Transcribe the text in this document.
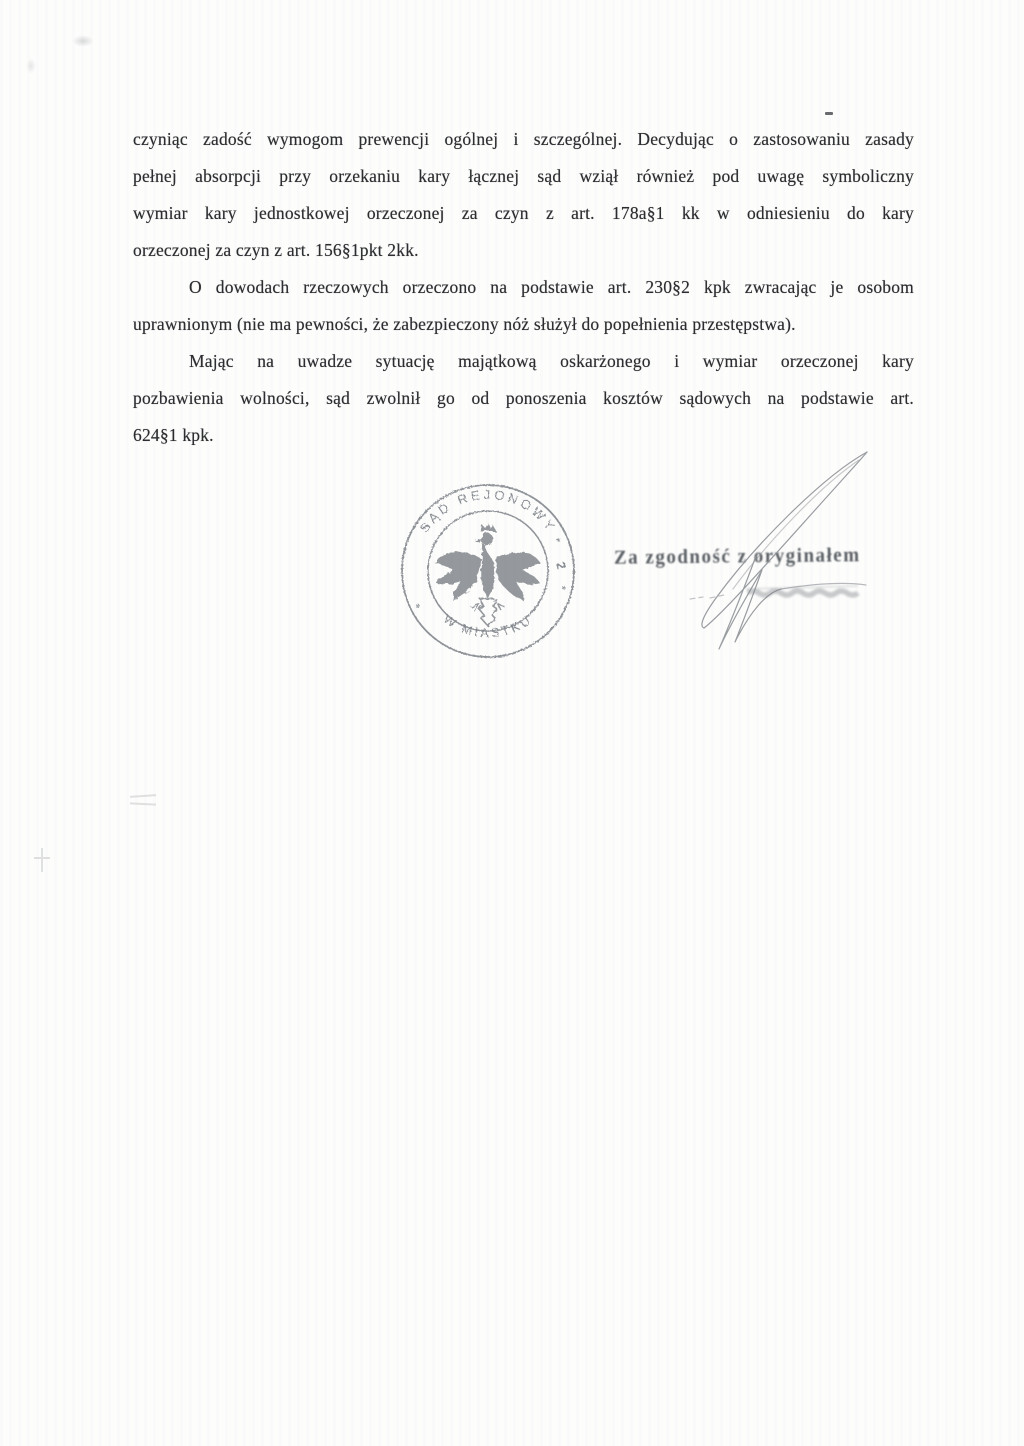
czyniąc zadość wymogom prewencji ogólnej i szczególnej. Decydując o zastosowaniu zasady
pełnej absorpcji przy orzekaniu kary łącznej sąd wziął również pod uwagę symboliczny
wymiar kary jednostkowej orzeczonej za czyn z art. 178a§1 kk w odniesieniu do kary
orzeczonej za czyn z art. 156§1pkt 2kk.
O dowodach rzeczowych orzeczono na podstawie art. 230§2 kpk zwracając je osobom
uprawnionym (nie ma pewności, że zabezpieczony nóż służył do popełnienia przestępstwa).
Mając na uwadze sytuację majątkową oskarżonego i wymiar orzeczonej kary
pozbawienia wolności, sąd zwolnił go od ponoszenia kosztów sądowych na podstawie art.
624§1 kpk.
SĄD REJONOWY
W MIASTKU
*
2
*
*
Za zgodność z oryginałem
